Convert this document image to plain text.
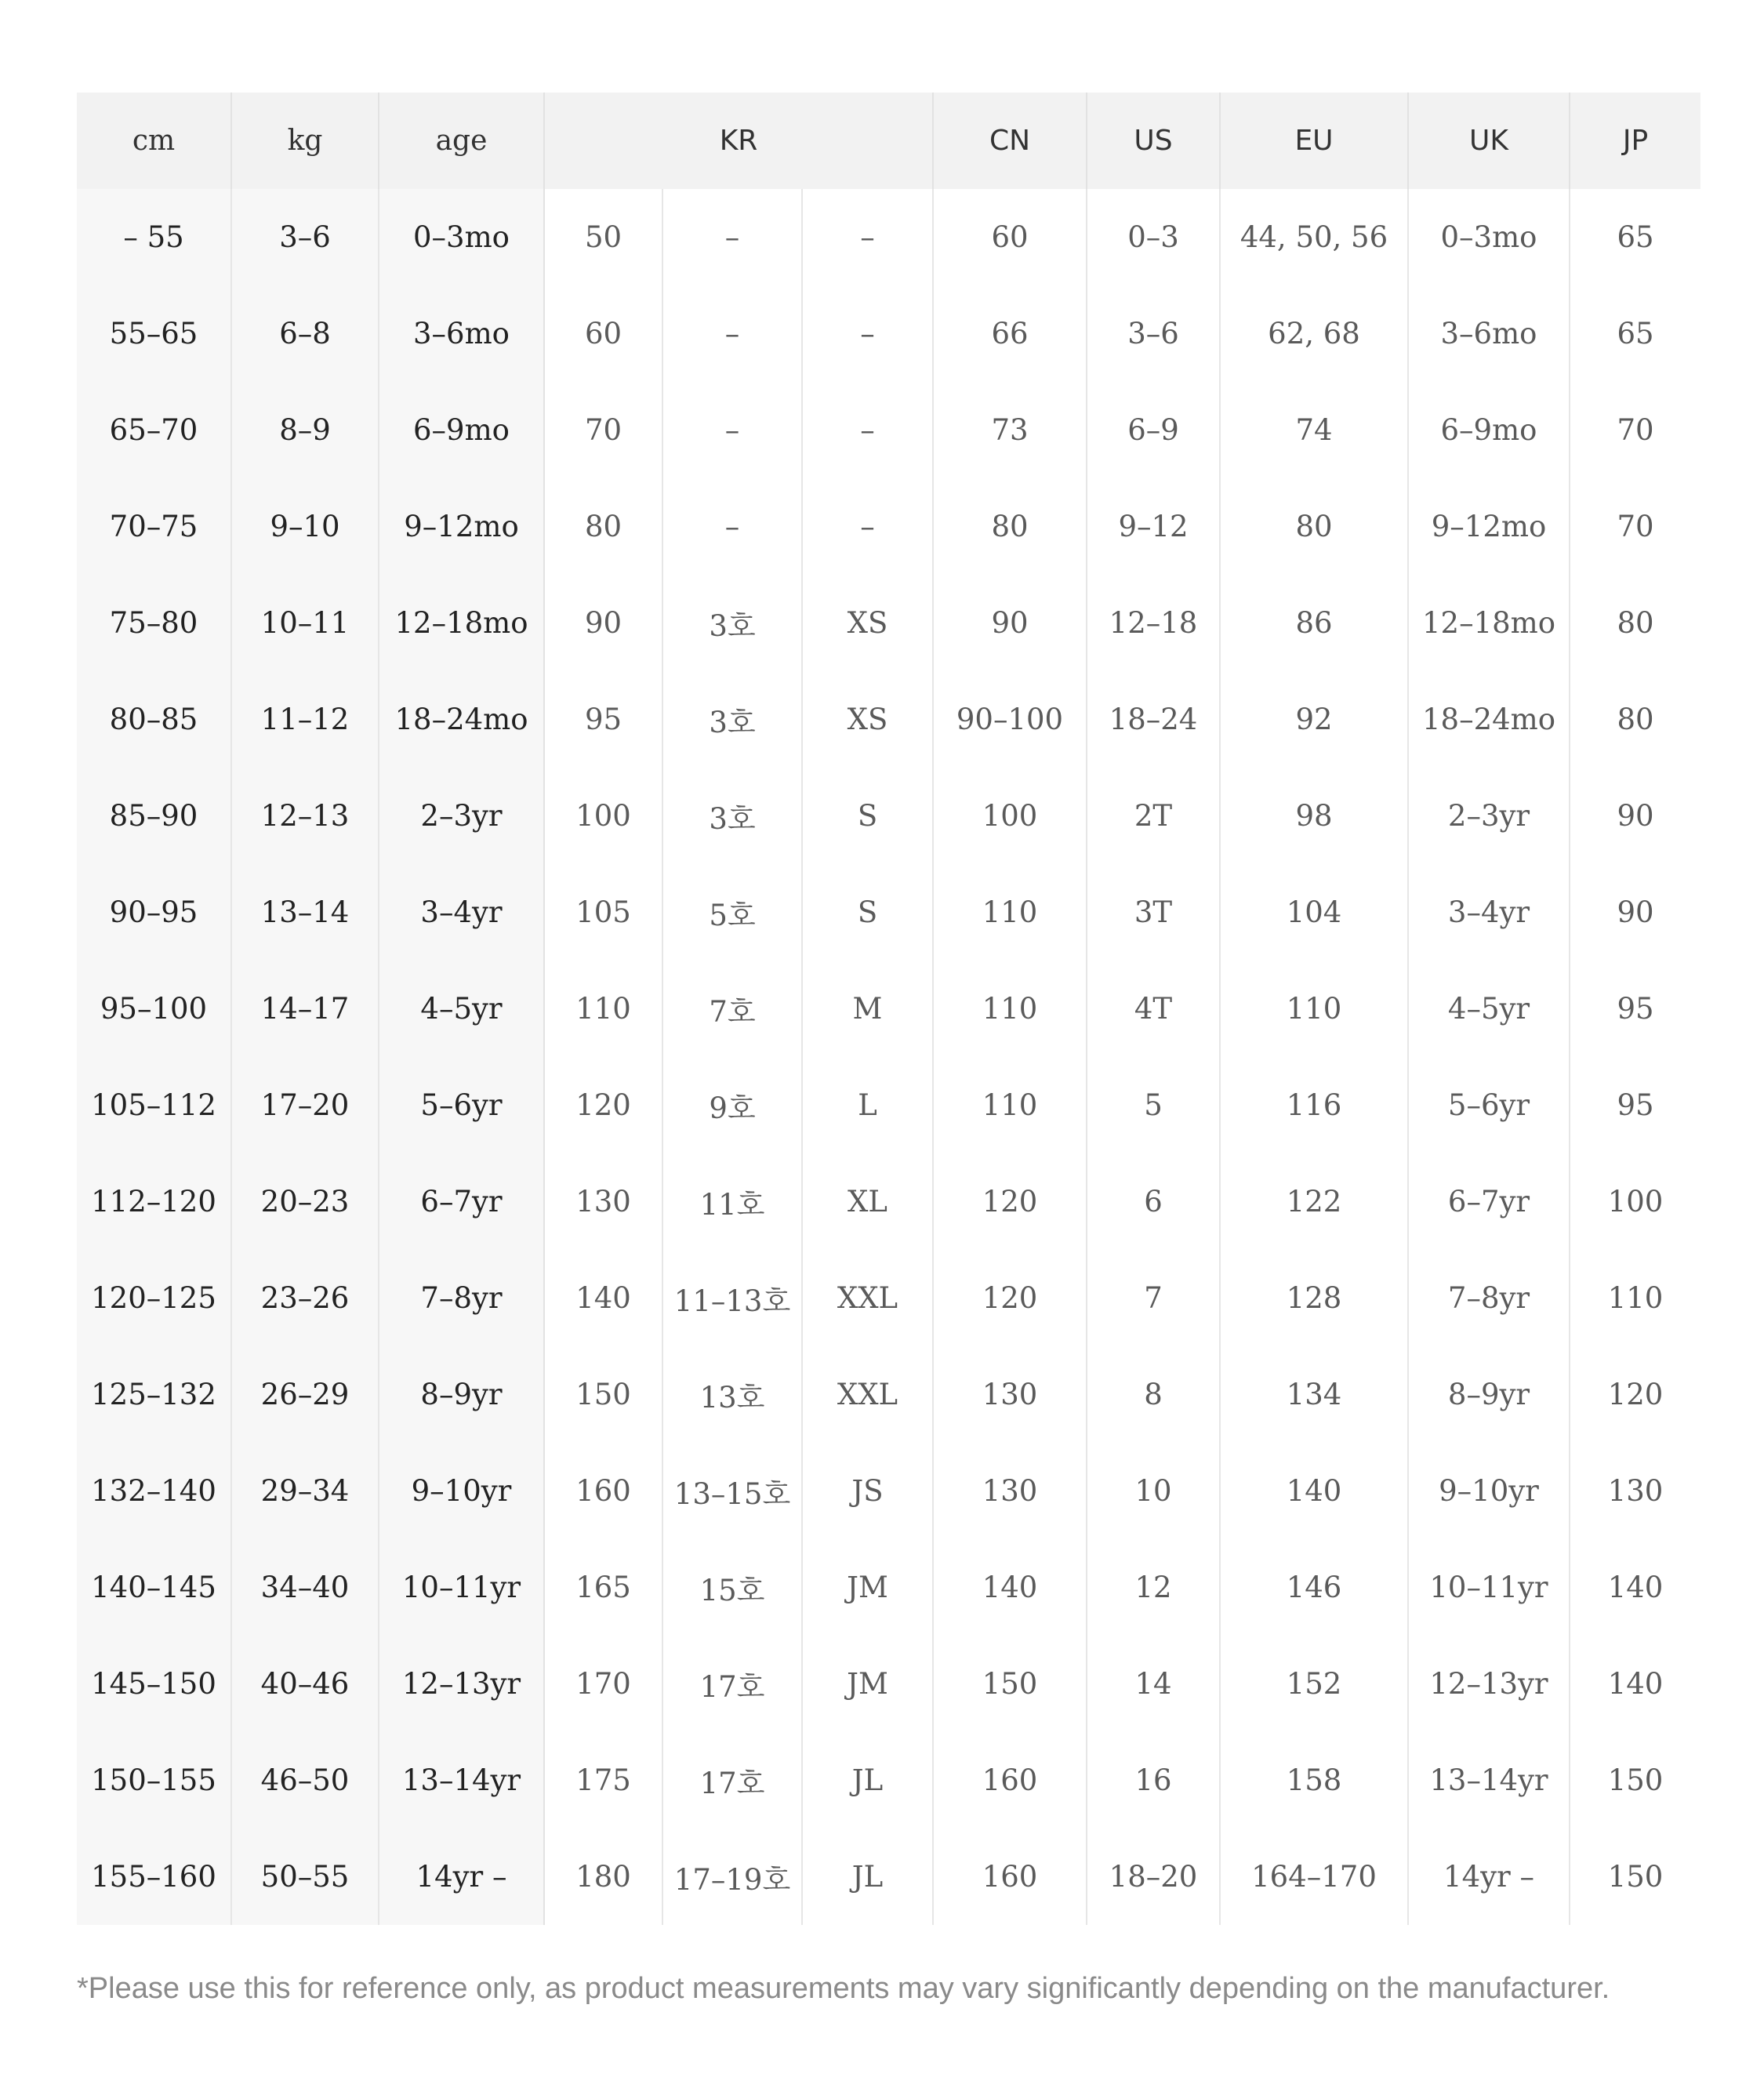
cm	kg	age	KR			CN	US	EU	UK	JP
– 55	3–6	0–3mo	50	–	–	60	0–3	44, 50, 56	0–3mo	65
55–65	6–8	3–6mo	60	–	–	66	3–6	62, 68	3–6mo	65
65–70	8–9	6–9mo	70	–	–	73	6–9	74	6–9mo	70
70–75	9–10	9–12mo	80	–	–	80	9–12	80	9–12mo	70
75–80	10–11	12–18mo	90	3호	XS	90	12–18	86	12–18mo	80
80–85	11–12	18–24mo	95	3호	XS	90–100	18–24	92	18–24mo	80
85–90	12–13	2–3yr	100	3호	S	100	2T	98	2–3yr	90
90–95	13–14	3–4yr	105	5호	S	110	3T	104	3–4yr	90
95–100	14–17	4–5yr	110	7호	M	110	4T	110	4–5yr	95
105–112	17–20	5–6yr	120	9호	L	110	5	116	5–6yr	95
112–120	20–23	6–7yr	130	11호	XL	120	6	122	6–7yr	100
120–125	23–26	7–8yr	140	11–13호	XXL	120	7	128	7–8yr	110
125–132	26–29	8–9yr	150	13호	XXL	130	8	134	8–9yr	120
132–140	29–34	9–10yr	160	13–15호	JS	130	10	140	9–10yr	130
140–145	34–40	10–11yr	165	15호	JM	140	12	146	10–11yr	140
145–150	40–46	12–13yr	170	17호	JM	150	14	152	12–13yr	140
150–155	46–50	13–14yr	175	17호	JL	160	16	158	13–14yr	150
155–160	50–55	14yr –	180	17–19호	JL	160	18–20	164–170	14yr –	150
*Please use this for reference only, as product measurements may vary significantly depending on the manufacturer.
